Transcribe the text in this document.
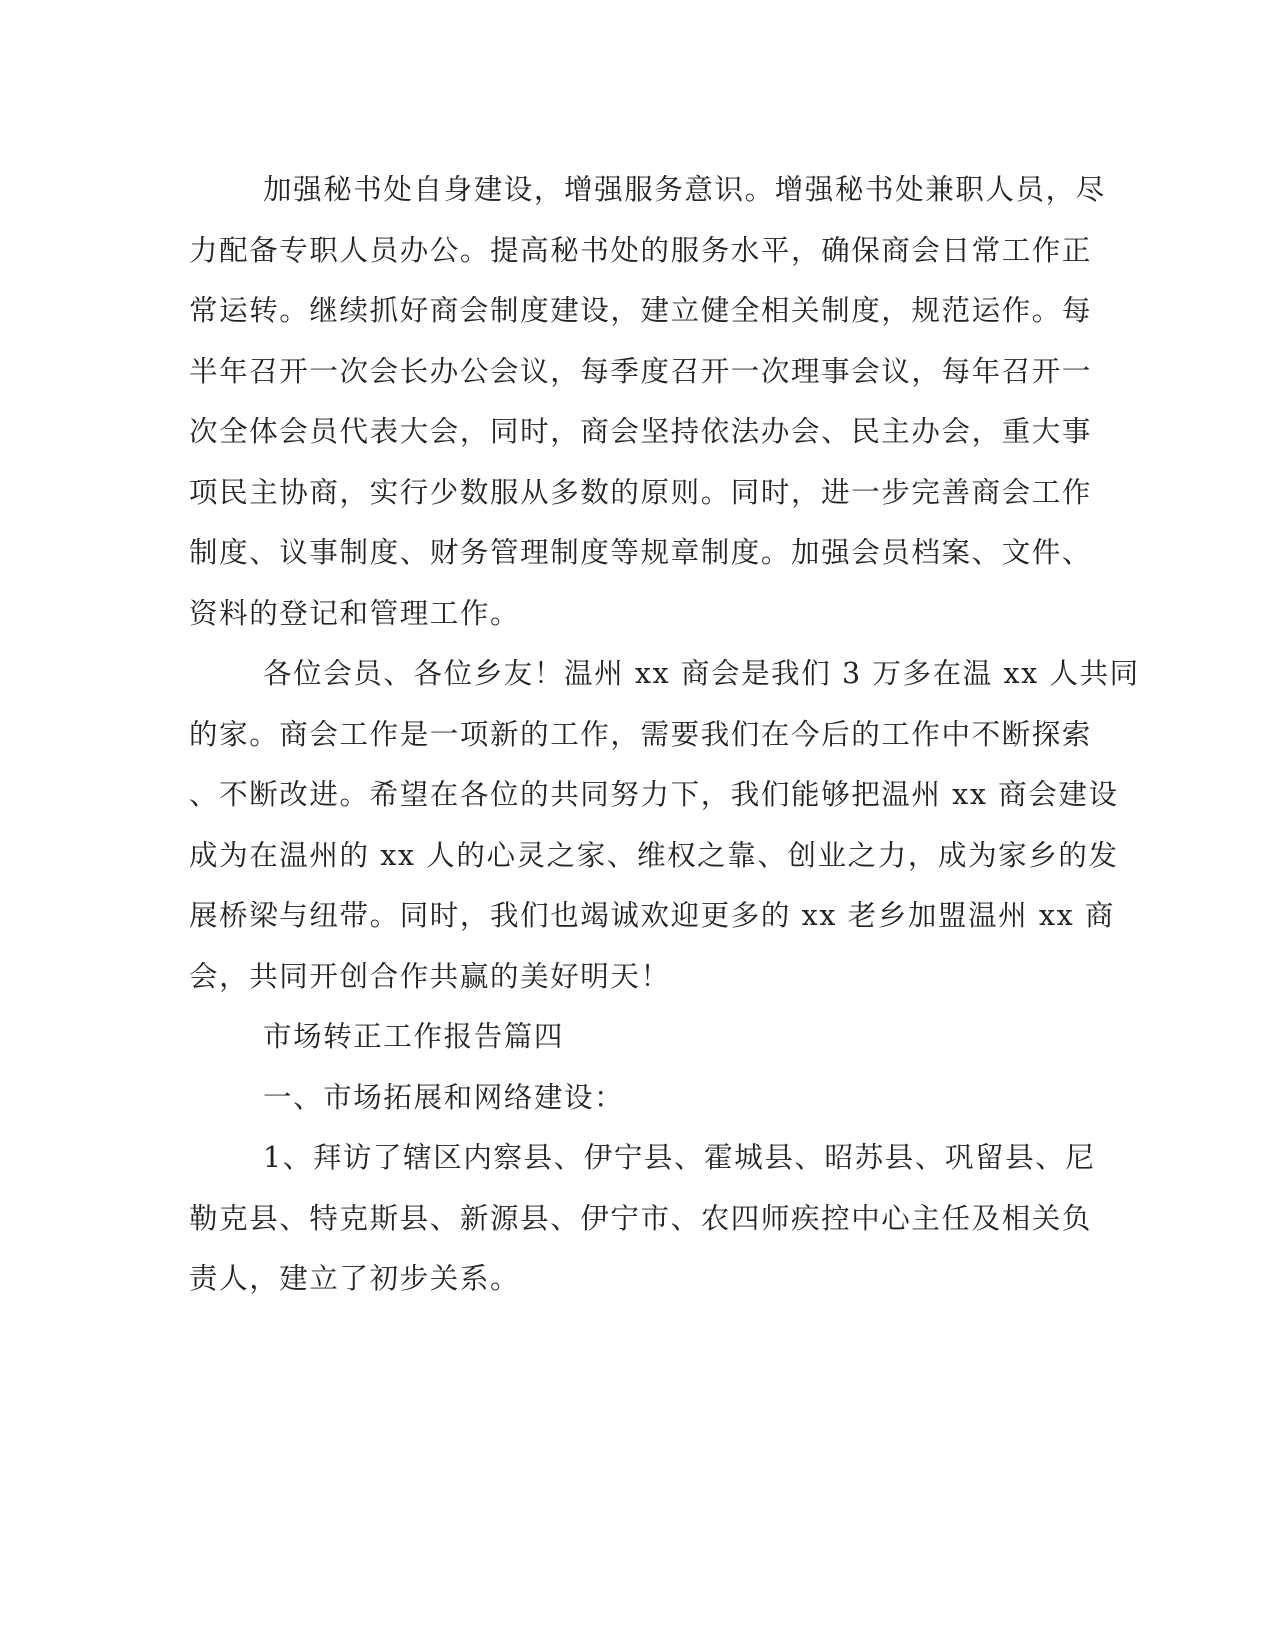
加强秘书处自身建设，增强服务意识。增强秘书处兼职人员，尽
力配备专职人员办公。提高秘书处的服务水平，确保商会日常工作正
常运转。继续抓好商会制度建设，建立健全相关制度，规范运作。每
半年召开一次会长办公会议，每季度召开一次理事会议，每年召开一
次全体会员代表大会，同时，商会坚持依法办会、民主办会，重大事
项民主协商，实行少数服从多数的原则。同时，进一步完善商会工作
制度、议事制度、财务管理制度等规章制度。加强会员档案、文件、
资料的登记和管理工作。
各位会员、各位乡友！温州 xx 商会是我们 3 万多在温 xx 人共同
的家。商会工作是一项新的工作，需要我们在今后的工作中不断探索
、不断改进。希望在各位的共同努力下，我们能够把温州 xx 商会建设
成为在温州的 xx 人的心灵之家、维权之靠、创业之力，成为家乡的发
展桥梁与纽带。同时，我们也竭诚欢迎更多的 xx 老乡加盟温州 xx 商
会，共同开创合作共赢的美好明天！
市场转正工作报告篇四
一、市场拓展和网络建设：
1、拜访了辖区内察县、伊宁县、霍城县、昭苏县、巩留县、尼
勒克县、特克斯县、新源县、伊宁市、农四师疾控中心主任及相关负
责人，建立了初步关系。
